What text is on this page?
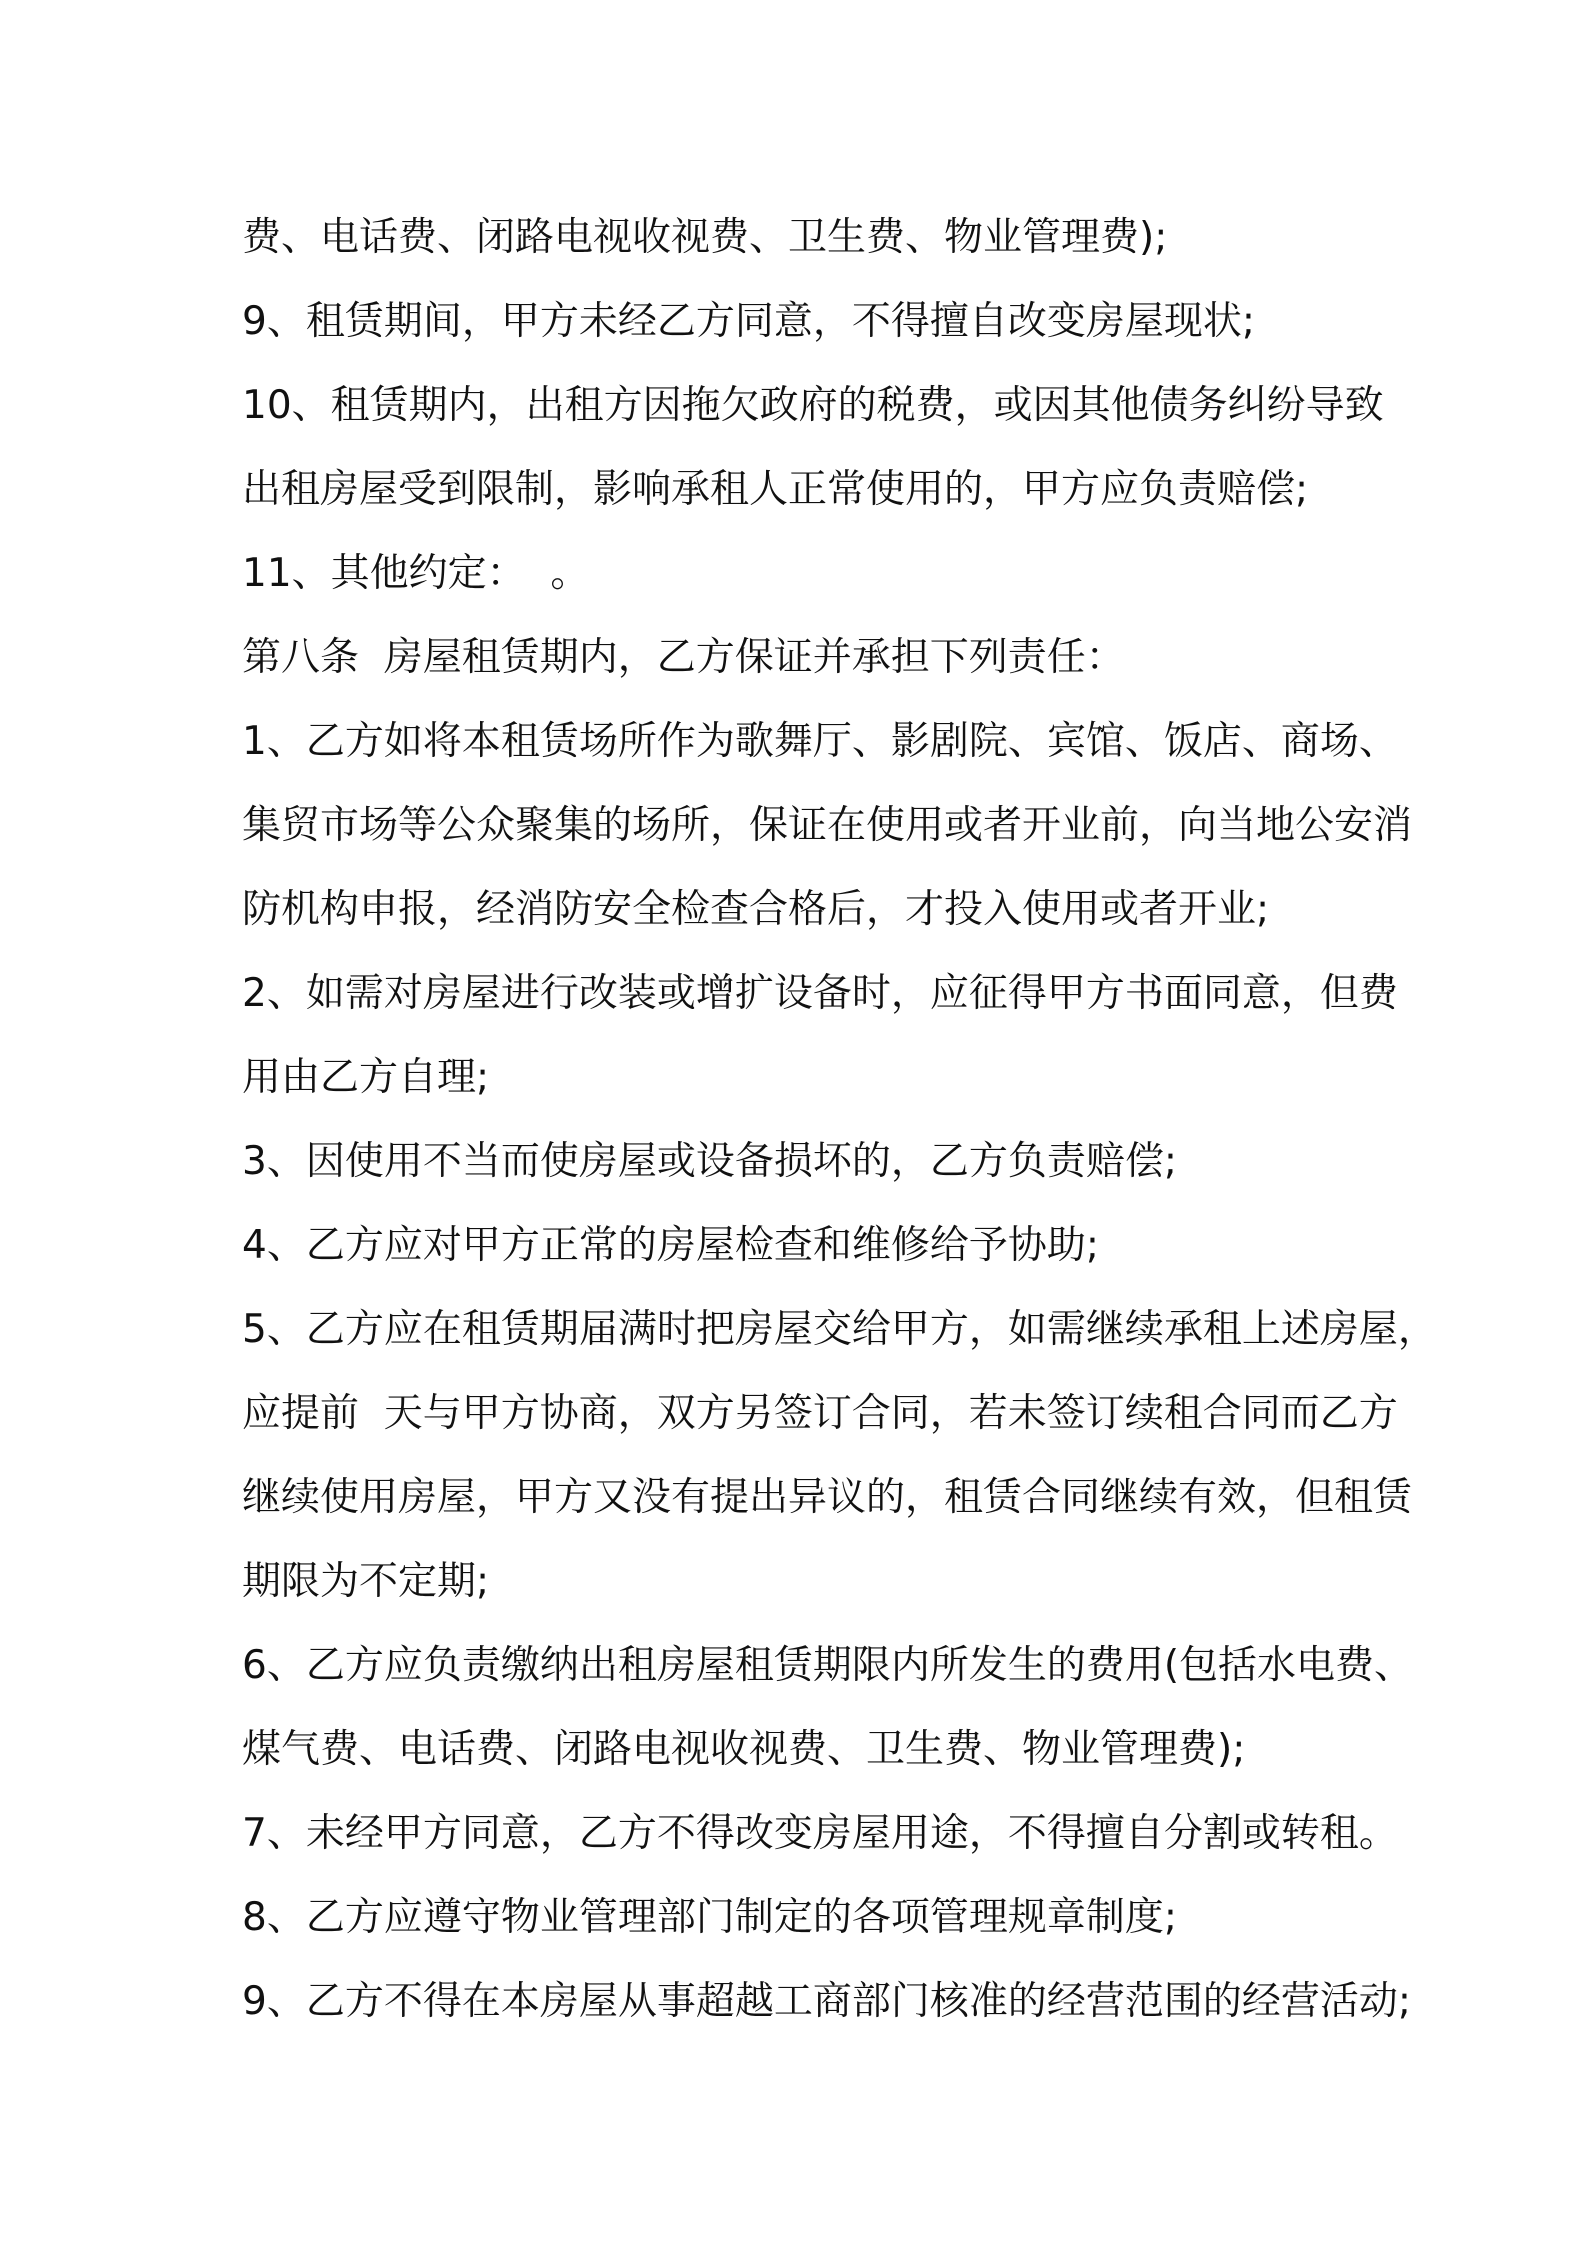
费、电话费、闭路电视收视费、卫生费、物业管理费);
9、租赁期间，甲方未经乙方同意，不得擅自改变房屋现状;
10、租赁期内，出租方因拖欠政府的税费，或因其他债务纠纷导致
出租房屋受到限制，影响承租人正常使用的，甲方应负责赔偿;
11、其他约定：  。
第八条  房屋租赁期内，乙方保证并承担下列责任：
1、乙方如将本租赁场所作为歌舞厅、影剧院、宾馆、饭店、商场、
集贸市场等公众聚集的场所，保证在使用或者开业前，向当地公安消
防机构申报，经消防安全检查合格后，才投入使用或者开业;
2、如需对房屋进行改装或增扩设备时，应征得甲方书面同意，但费
用由乙方自理;
3、因使用不当而使房屋或设备损坏的，乙方负责赔偿;
4、乙方应对甲方正常的房屋检查和维修给予协助;
5、乙方应在租赁期届满时把房屋交给甲方，如需继续承租上述房屋，
应提前  天与甲方协商，双方另签订合同，若未签订续租合同而乙方
继续使用房屋，甲方又没有提出异议的，租赁合同继续有效，但租赁
期限为不定期;
6、乙方应负责缴纳出租房屋租赁期限内所发生的费用(包括水电费、
煤气费、电话费、闭路电视收视费、卫生费、物业管理费);
7、未经甲方同意，乙方不得改变房屋用途，不得擅自分割或转租。
8、乙方应遵守物业管理部门制定的各项管理规章制度;
9、乙方不得在本房屋从事超越工商部门核准的经营范围的经营活动;
